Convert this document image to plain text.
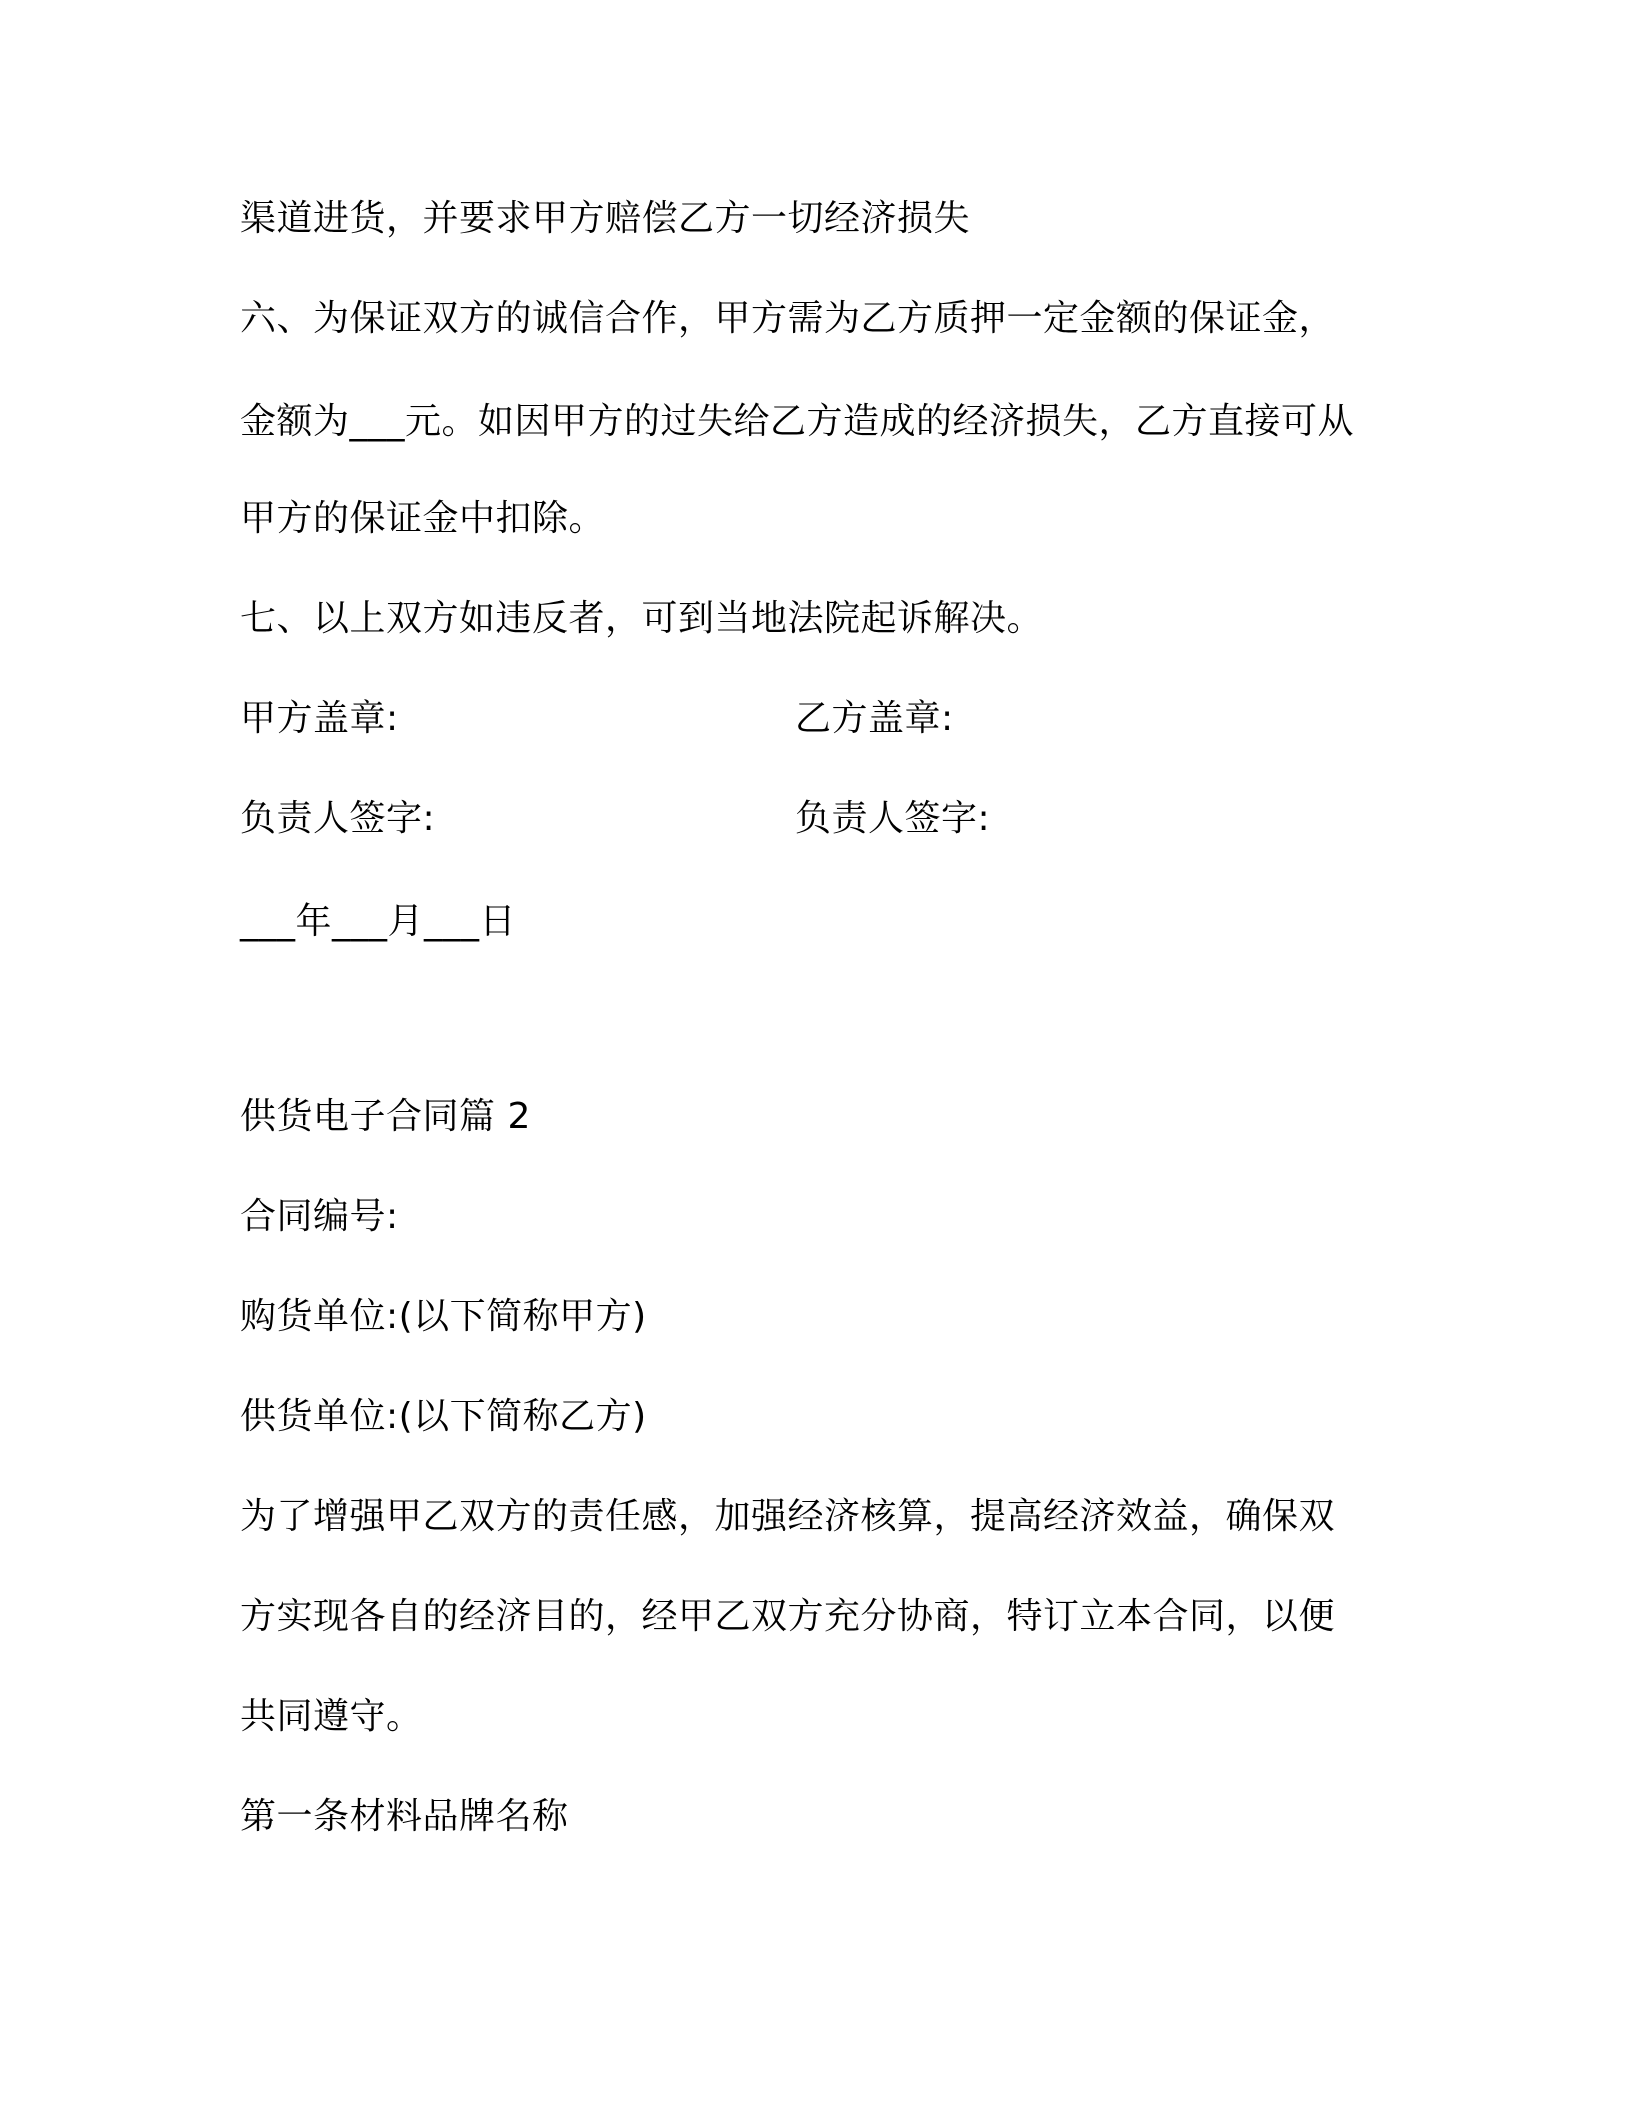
渠道进货，并要求甲方赔偿乙方一切经济损失
六、为保证双方的诚信合作，甲方需为乙方质押一定金额的保证金，
金额为___元。如因甲方的过失给乙方造成的经济损失，乙方直接可从
甲方的保证金中扣除。
七、以上双方如违反者，可到当地法院起诉解决。
甲方盖章:	乙方盖章:
负责人签字:	负责人签字:
___年___月___日
供货电子合同篇 2
合同编号:
购货单位:(以下简称甲方)
供货单位:(以下简称乙方)
为了增强甲乙双方的责任感，加强经济核算，提高经济效益，确保双
方实现各自的经济目的，经甲乙双方充分协商，特订立本合同，以便
共同遵守。
第一条材料品牌名称
